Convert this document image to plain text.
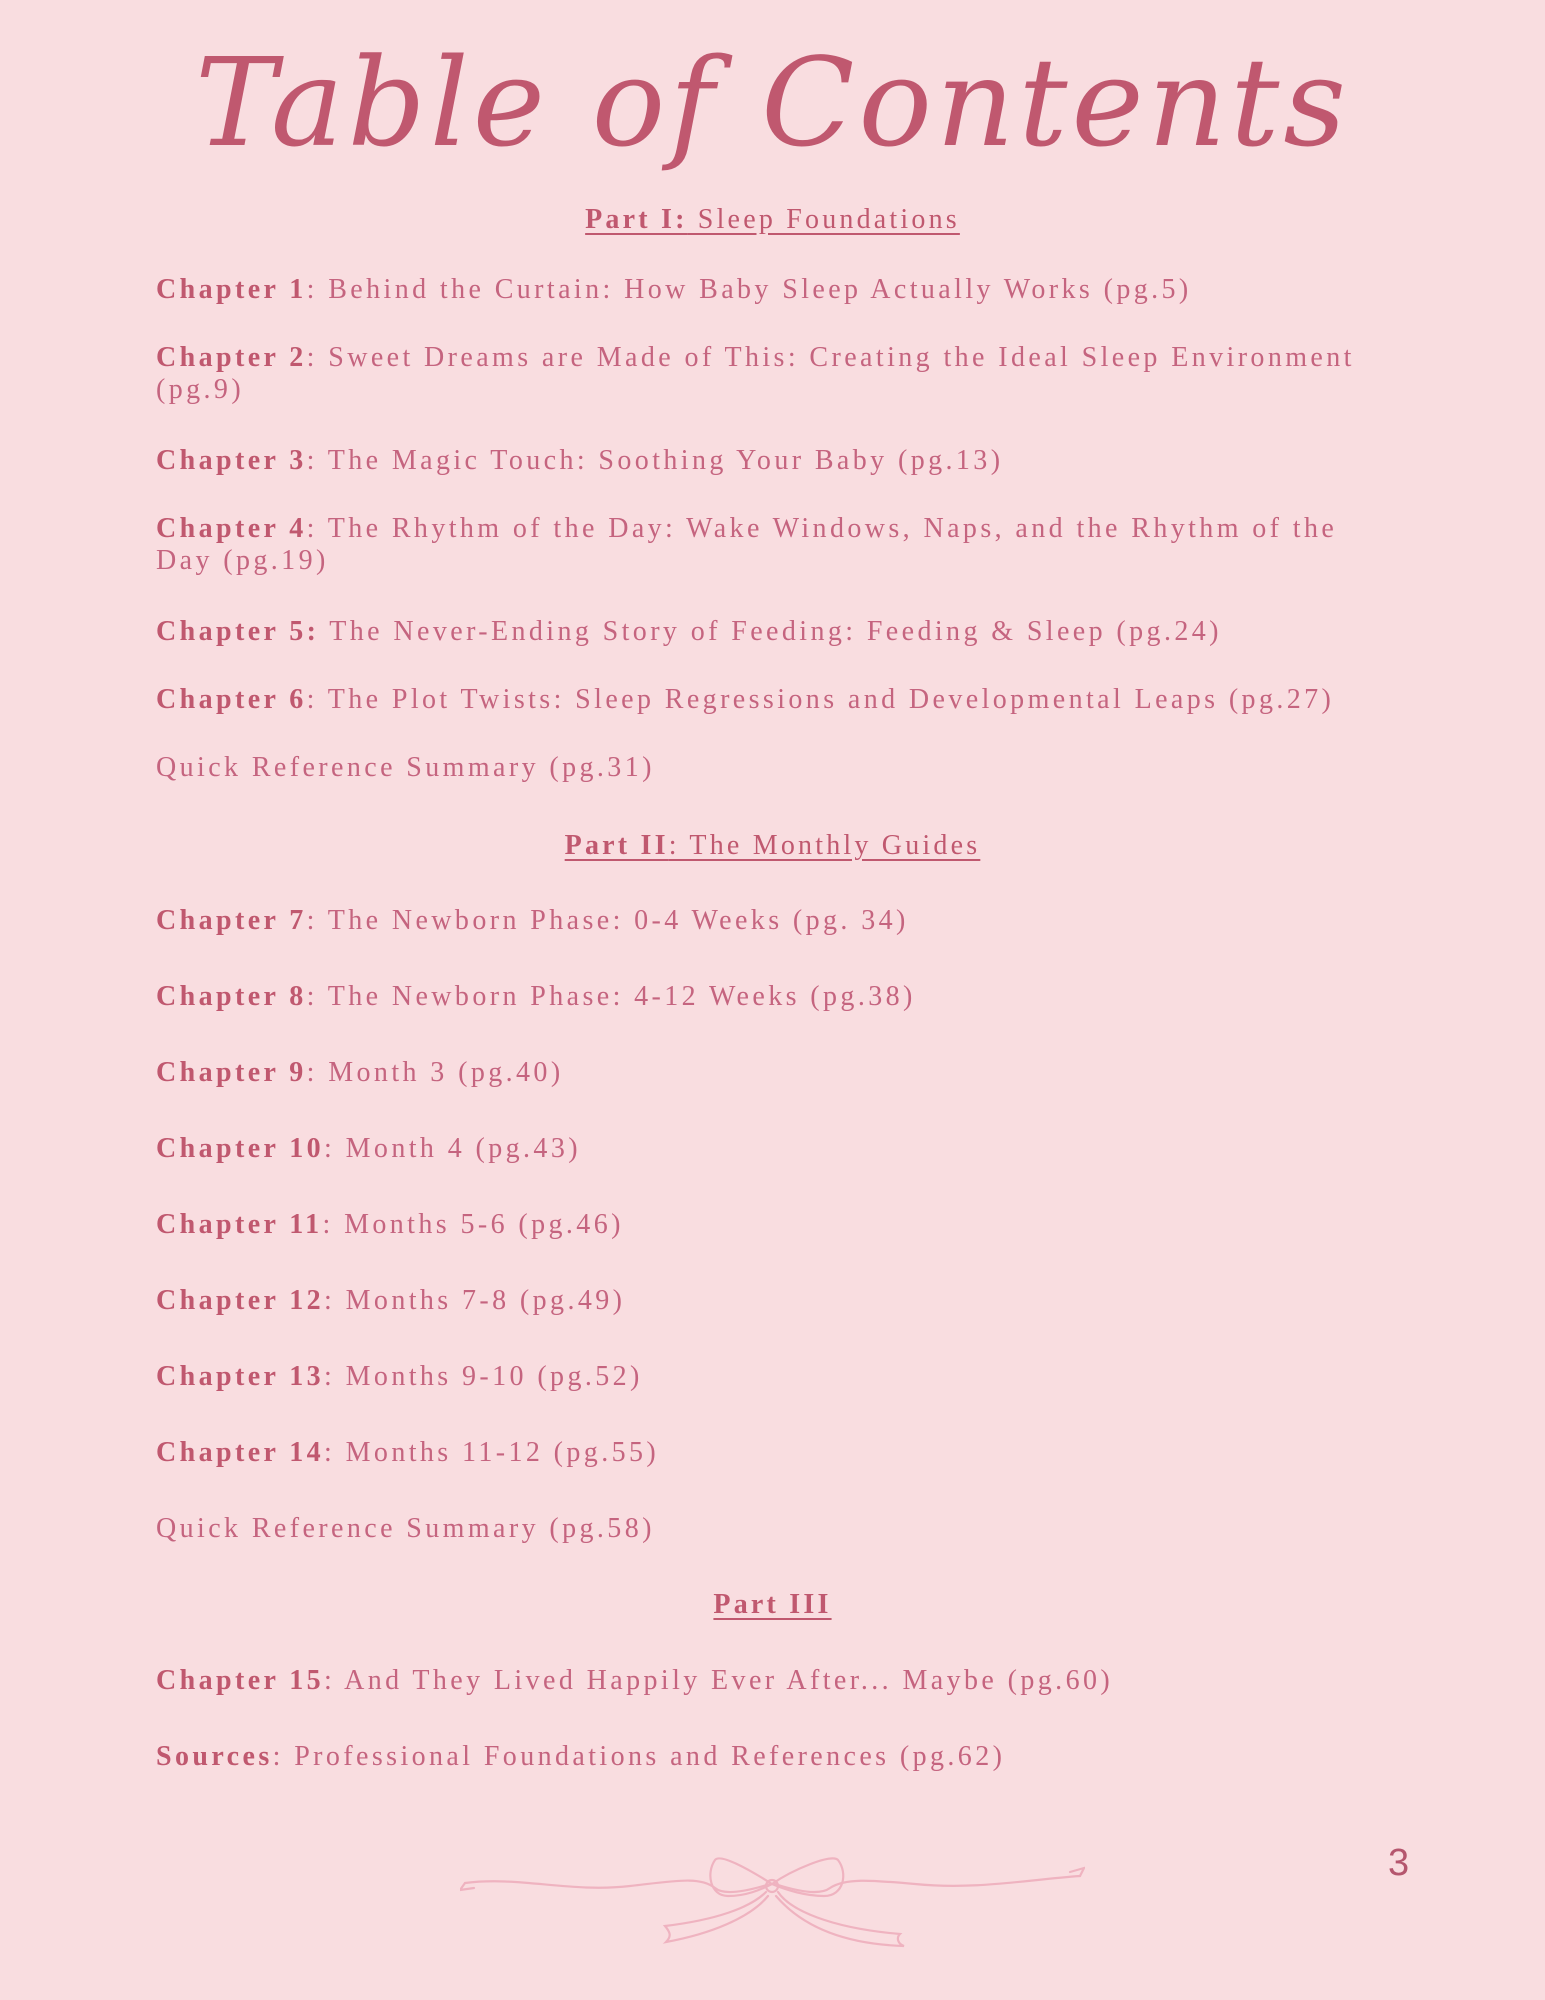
Table of Contents
Part I: Sleep Foundations
Chapter 1: Behind the Curtain: How Baby Sleep Actually Works (pg.5)
Chapter 2: Sweet Dreams are Made of This: Creating the Ideal Sleep Environment (pg.9)
Chapter 3: The Magic Touch: Soothing Your Baby (pg.13)
Chapter 4: The Rhythm of the Day: Wake Windows, Naps, and the Rhythm of the Day (pg.19)
Chapter 5: The Never-Ending Story of Feeding: Feeding & Sleep (pg.24)
Chapter 6: The Plot Twists: Sleep Regressions and Developmental Leaps (pg.27)
Quick Reference Summary (pg.31)
Part II: The Monthly Guides
Chapter 7: The Newborn Phase: 0-4 Weeks (pg. 34)
Chapter 8: The Newborn Phase: 4-12 Weeks (pg.38)
Chapter 9: Month 3 (pg.40)
Chapter 10: Month 4 (pg.43)
Chapter 11: Months 5-6 (pg.46)
Chapter 12: Months 7-8 (pg.49)
Chapter 13: Months 9-10 (pg.52)
Chapter 14: Months 11-12 (pg.55)
Quick Reference Summary (pg.58)
Part III
Chapter 15: And They Lived Happily Ever After... Maybe (pg.60)
Sources: Professional Foundations and References (pg.62)
3
